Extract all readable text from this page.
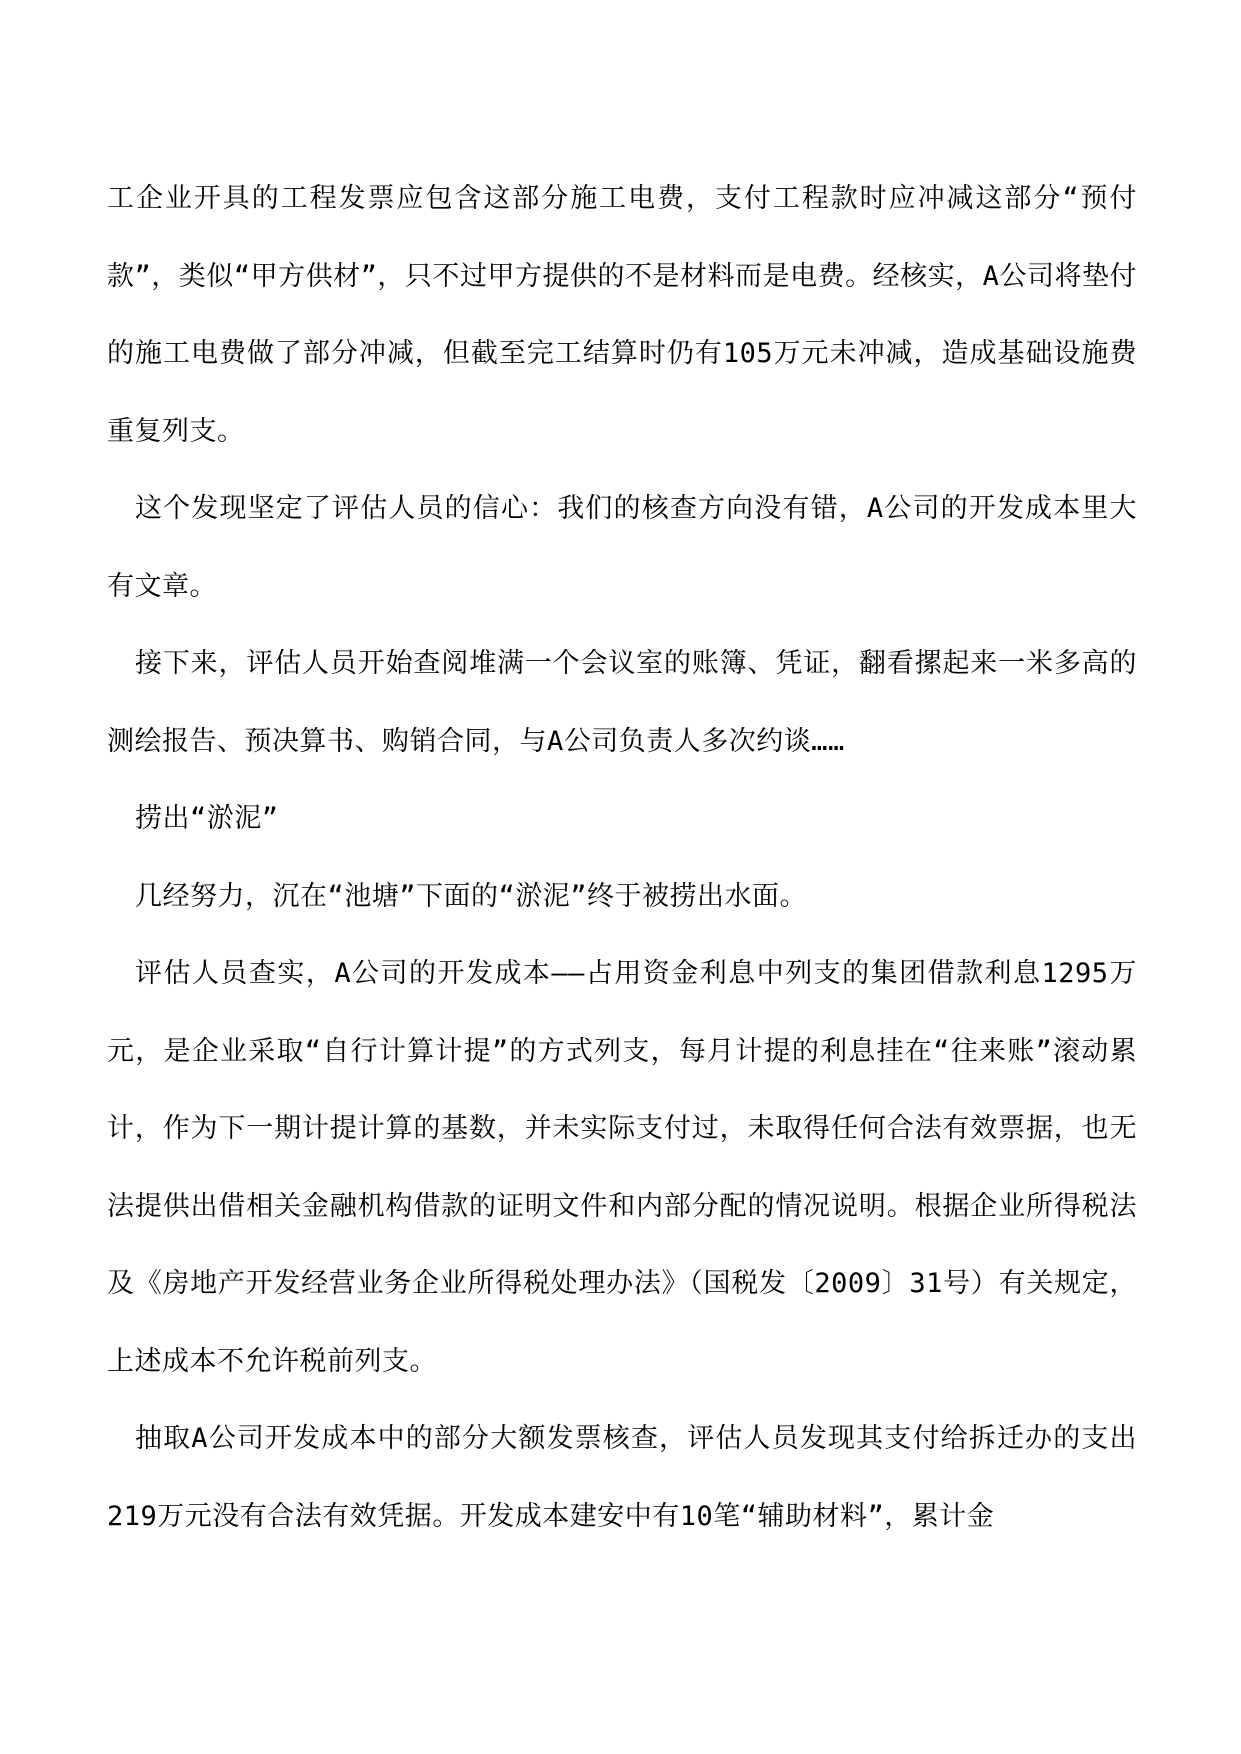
工企业开具的工程发票应包含这部分施工电费，支付工程款时应冲减这部分“预付款”，类似“甲方供材”，只不过甲方提供的不是材料而是电费。经核实，A公司将垫付的施工电费做了部分冲减，但截至完工结算时仍有105万元未冲减，造成基础设施费重复列支。

这个发现坚定了评估人员的信心：我们的核查方向没有错，A公司的开发成本里大有文章。

接下来，评估人员开始查阅堆满一个会议室的账簿、凭证，翻看摞起来一米多高的测绘报告、预决算书、购销合同，与A公司负责人多次约谈……

捞出“淤泥”

几经努力，沉在“池塘”下面的“淤泥”终于被捞出水面。

评估人员查实，A公司的开发成本——占用资金利息中列支的集团借款利息1295万元，是企业采取“自行计算计提”的方式列支，每月计提的利息挂在“往来账”滚动累计，作为下一期计提计算的基数，并未实际支付过，未取得任何合法有效票据，也无法提供出借相关金融机构借款的证明文件和内部分配的情况说明。根据企业所得税法及《房地产开发经营业务企业所得税处理办法》（国税发〔2009〕31号）有关规定，上述成本不允许税前列支。

抽取A公司开发成本中的部分大额发票核查，评估人员发现其支付给拆迁办的支出219万元没有合法有效凭据。开发成本建安中有10笔“辅助材料”，累计金
